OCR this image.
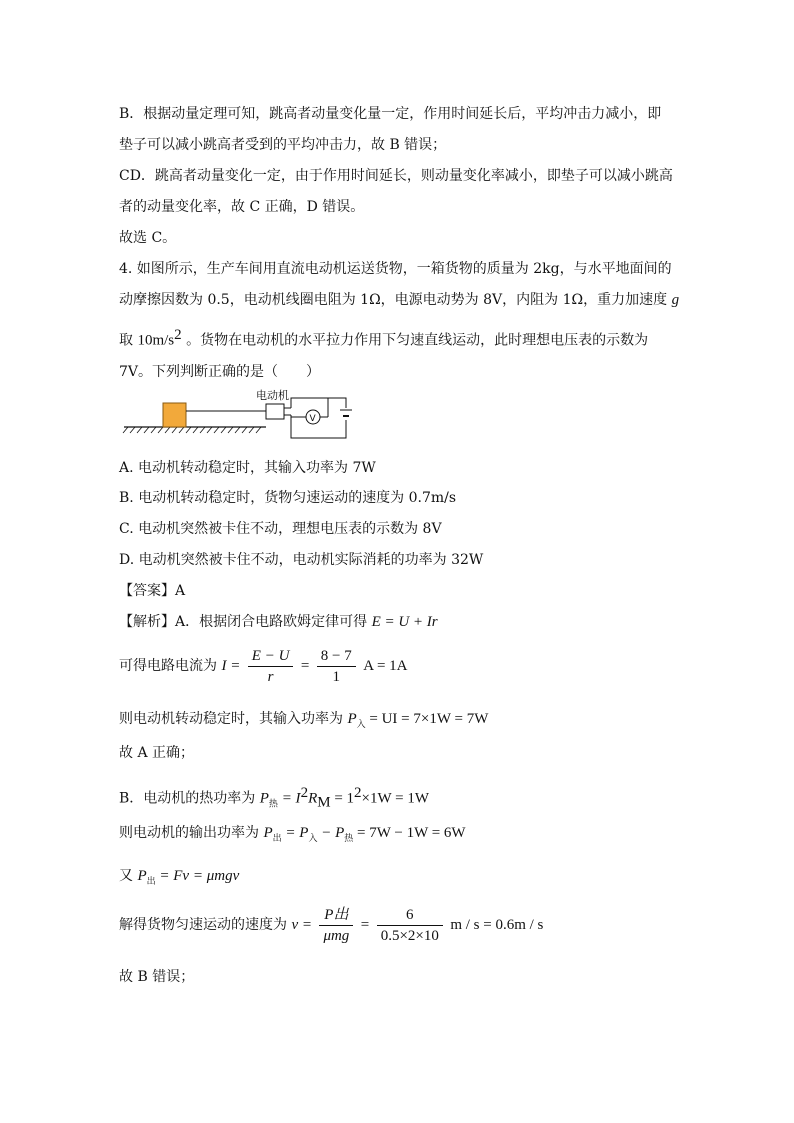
B．根据动量定理可知，跳高者动量变化量一定，作用时间延长后，平均冲击力减小，即
垫子可以减小跳高者受到的平均冲击力，故 B 错误；
CD．跳高者动量变化一定，由于作用时间延长，则动量变化率减小，即垫子可以减小跳高
者的动量变化率，故 C 正确，D 错误。
故选 C。
4. 如图所示，生产车间用直流电动机运送货物，一箱货物的质量为 2kg，与水平地面间的
动摩擦因数为 0.5，电动机线圈电阻为 1Ω，电源电动势为 8V，内阻为 1Ω，重力加速度 g
取 $10m/s^2$ 。货物在电动机的水平拉力作用下匀速直线运动，此时理想电压表的示数为
7V。下列判断正确的是（　　）
电动机
V
A. 电动机转动稳定时，其输入功率为 7W
B. 电动机转动稳定时，货物匀速运动的速度为 0.7m/s
C. 电动机突然被卡住不动，理想电压表的示数为 8V
D. 电动机突然被卡住不动，电动机实际消耗的功率为 32W
【答案】A
【解析】A．根据闭合电路欧姆定律可得 E = U + Ir
可得电路电流为 $I = \frac{E - U}{r} = \frac{8 - 7}{1}$ A = 1A
则电动机转动稳定时，其输入功率为 $P_入$ = UI = 7×1W = 7W
故 A 正确；
B．电动机的热功率为 $P_热 = I^2R_M = 1^2\times 1W = 1W$
则电动机的输出功率为 $P_出 = P_入 - P_热 = 7W - 1W = 6W$
又 $P_出 = Fv = \mu mgv$
解得货物匀速运动的速度为 $v = \frac{\text{P出}}{\text{μmg}} = \frac{6}{0.5\times 2\times 10}$ m / s = 0.6m / s
故 B 错误；
